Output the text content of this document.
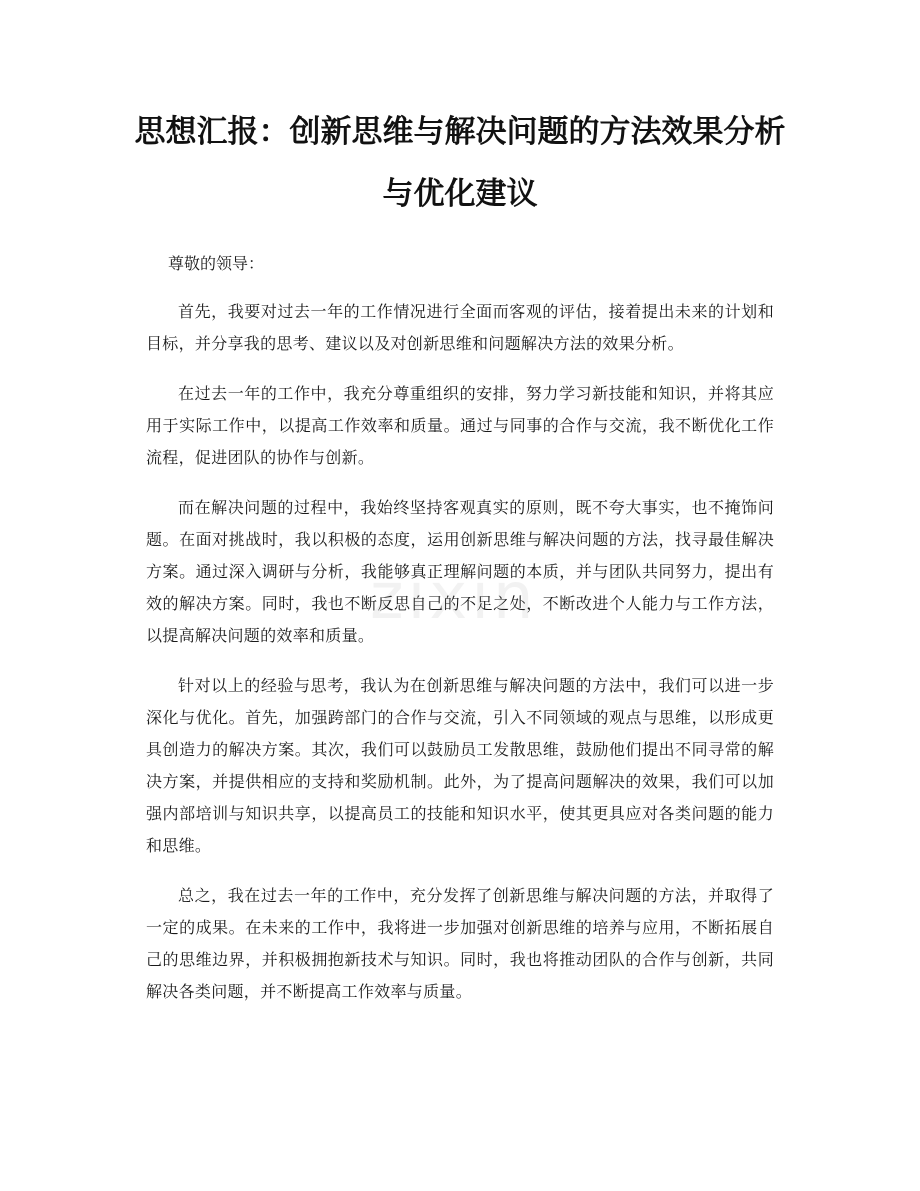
思想汇报：创新思维与解决问题的方法效果分析与优化建议

尊敬的领导：

首先，我要对过去一年的工作情况进行全面而客观的评估，接着提出未来的计划和目标，并分享我的思考、建议以及对创新思维和问题解决方法的效果分析。

在过去一年的工作中，我充分尊重组织的安排，努力学习新技能和知识，并将其应用于实际工作中，以提高工作效率和质量。通过与同事的合作与交流，我不断优化工作流程，促进团队的协作与创新。

而在解决问题的过程中，我始终坚持客观真实的原则，既不夸大事实，也不掩饰问题。在面对挑战时，我以积极的态度，运用创新思维与解决问题的方法，找寻最佳解决方案。通过深入调研与分析，我能够真正理解问题的本质，并与团队共同努力，提出有效的解决方案。同时，我也不断反思自己的不足之处，不断改进个人能力与工作方法，以提高解决问题的效率和质量。

针对以上的经验与思考，我认为在创新思维与解决问题的方法中，我们可以进一步深化与优化。首先，加强跨部门的合作与交流，引入不同领域的观点与思维，以形成更具创造力的解决方案。其次，我们可以鼓励员工发散思维，鼓励他们提出不同寻常的解决方案，并提供相应的支持和奖励机制。此外，为了提高问题解决的效果，我们可以加强内部培训与知识共享，以提高员工的技能和知识水平，使其更具应对各类问题的能力和思维。

总之，我在过去一年的工作中，充分发挥了创新思维与解决问题的方法，并取得了一定的成果。在未来的工作中，我将进一步加强对创新思维的培养与应用，不断拓展自己的思维边界，并积极拥抱新技术与知识。同时，我也将推动团队的合作与创新，共同解决各类问题，并不断提高工作效率与质量。

zixin
